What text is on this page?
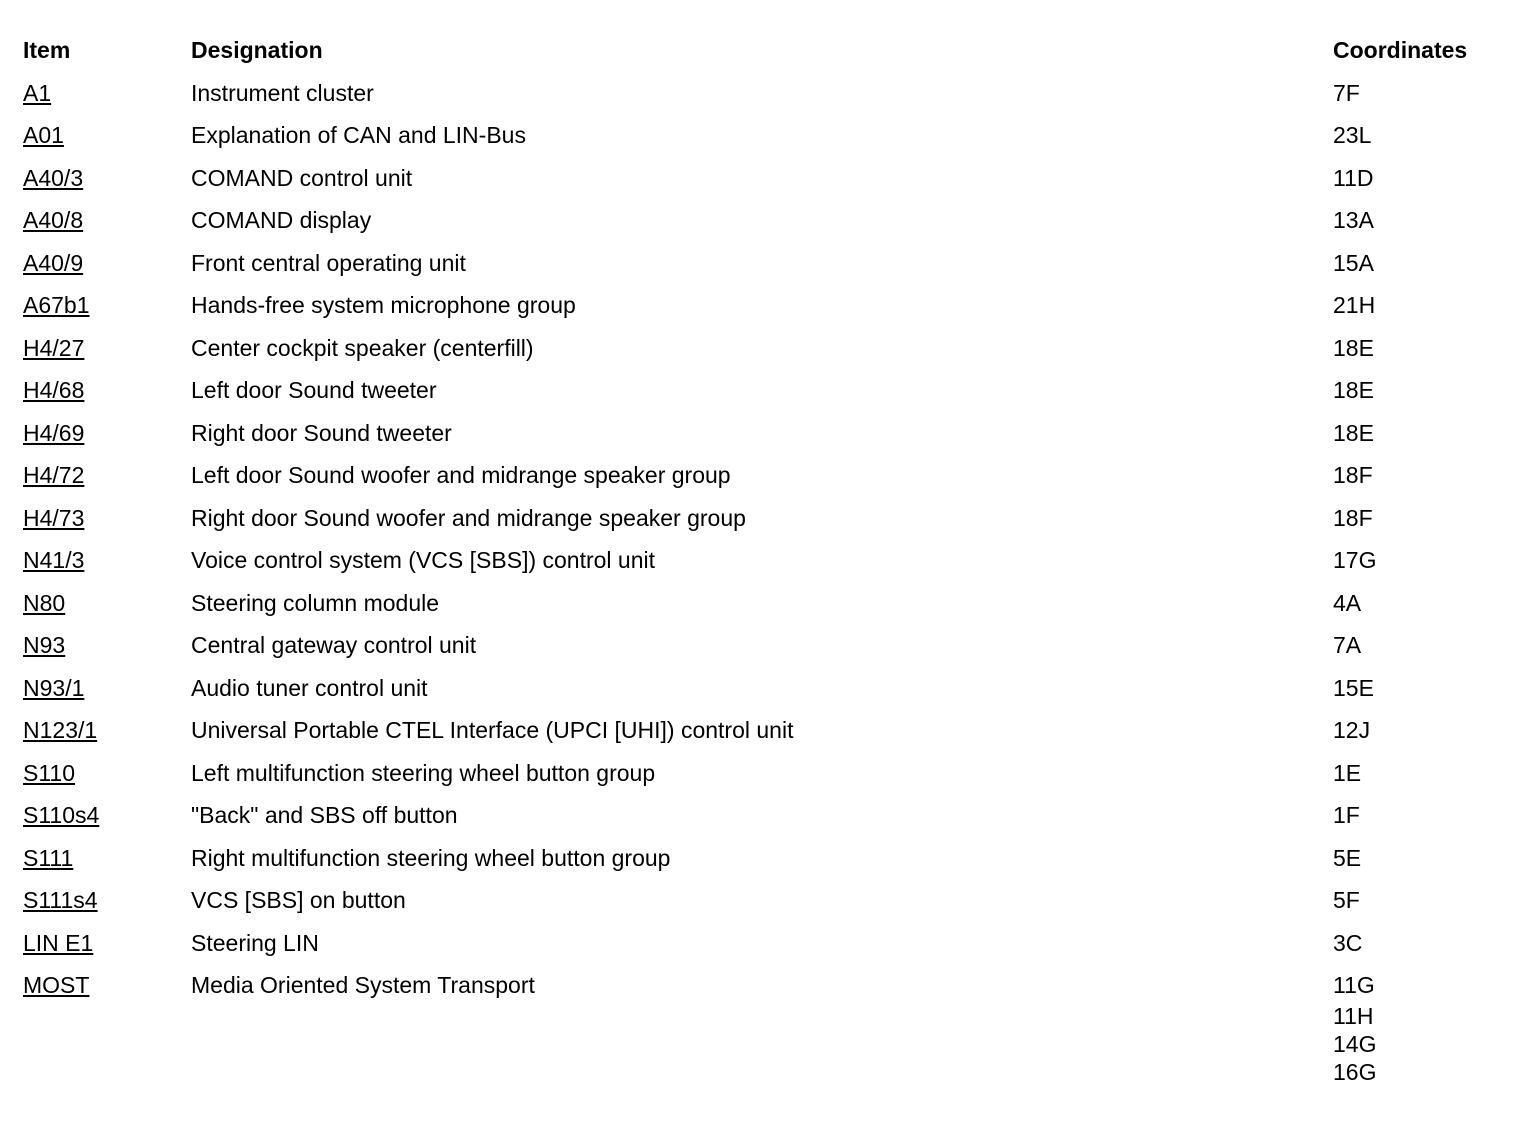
Item	Designation	Coordinates
A1	Instrument cluster	7F
A01	Explanation of CAN and LIN-Bus	23L
A40/3	COMAND control unit	11D
A40/8	COMAND display	13A
A40/9	Front central operating unit	15A
A67b1	Hands-free system microphone group	21H
H4/27	Center cockpit speaker (centerfill)	18E
H4/68	Left door Sound tweeter	18E
H4/69	Right door Sound tweeter	18E
H4/72	Left door Sound woofer and midrange speaker group	18F
H4/73	Right door Sound woofer and midrange speaker group	18F
N41/3	Voice control system (VCS [SBS]) control unit	17G
N80	Steering column module	4A
N93	Central gateway control unit	7A
N93/1	Audio tuner control unit	15E
N123/1	Universal Portable CTEL Interface (UPCI [UHI]) control unit	12J
S110	Left multifunction steering wheel button group	1E
S110s4	"Back" and SBS off button	1F
S111	Right multifunction steering wheel button group	5E
S111s4	VCS [SBS] on button	5F
LIN E1	Steering LIN	3C
MOST	Media Oriented System Transport	11G
11H
14G
16G
